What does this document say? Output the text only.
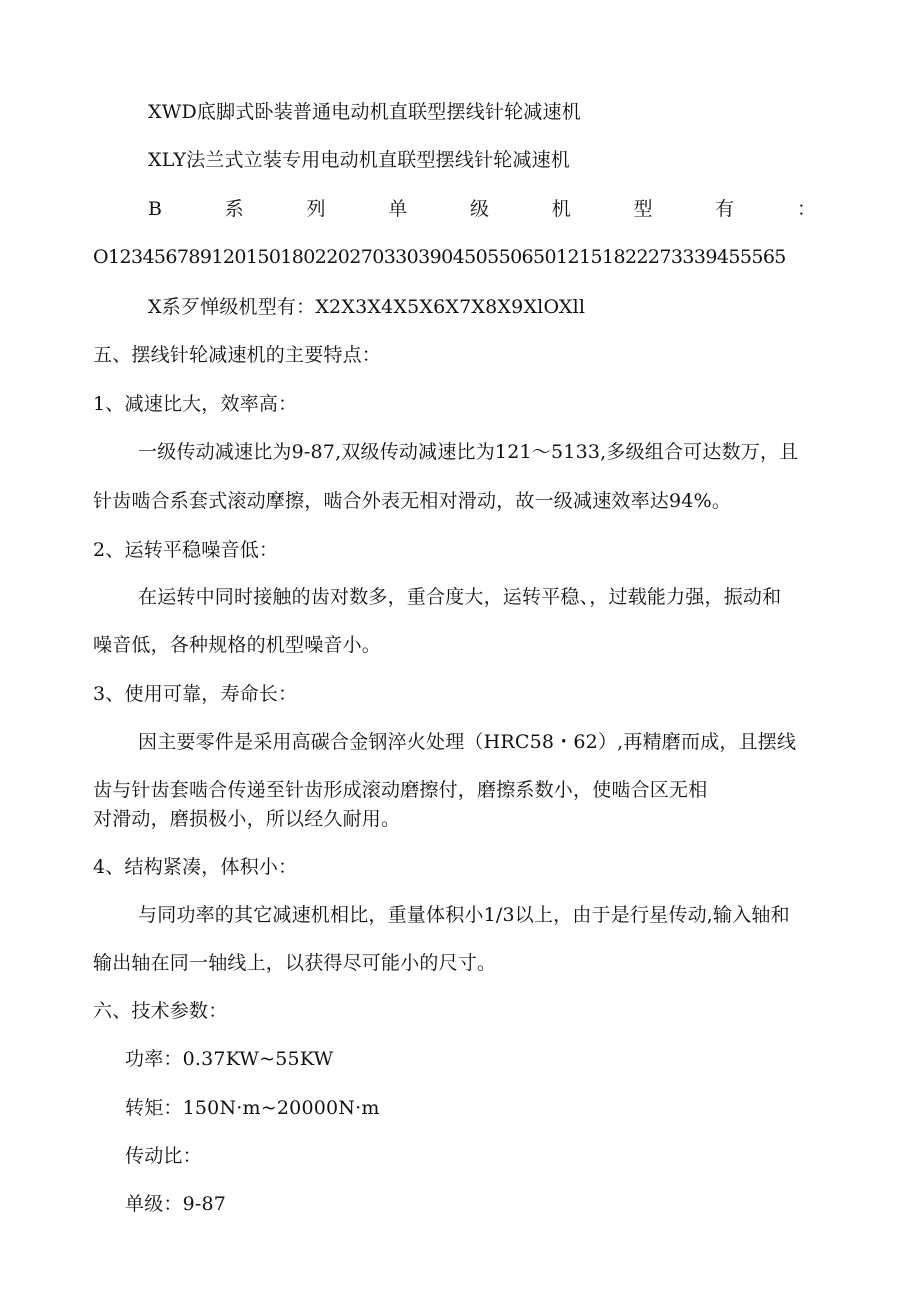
XWD底脚式卧装普通电动机直联型摆线针轮减速机
XLY法兰式立装专用电动机直联型摆线针轮减速机
B	系	列	单	级	机	型	有	：
O12345678912015018022027033039045055065012151822273339455565
X系歹惮级机型有：X2X3X4X5X6X7X8X9XlOXll
五、摆线针轮减速机的主要特点：
1、减速比大，效率高：
一级传动减速比为9-87,双级传动减速比为121～5133,多级组合可达数万，且
针齿啮合系套式滚动摩擦，啮合外表无相对滑动，故一级减速效率达94%。
2、运转平稳噪音低：
在运转中同时接触的齿对数多，重合度大，运转平稳、，过载能力强，振动和
噪音低，各种规格的机型噪音小。
3、使用可靠，寿命长：
因主要零件是采用高碳合金钢淬火处理（HRC58・62）,再精磨而成，且摆线
齿与针齿套啮合传递至针齿形成滚动磨擦付，磨擦系数小，使啮合区无相
对滑动，磨损极小，所以经久耐用。
4、结构紧凑，体积小：
与同功率的其它减速机相比，重量体积小1/3以上，由于是行星传动,输入轴和
输出轴在同一轴线上，以获得尽可能小的尺寸。
六、技术参数：
功率：0.37KW~55KW
转矩：150N·m~20000N·m
传动比：
单级：9-87
